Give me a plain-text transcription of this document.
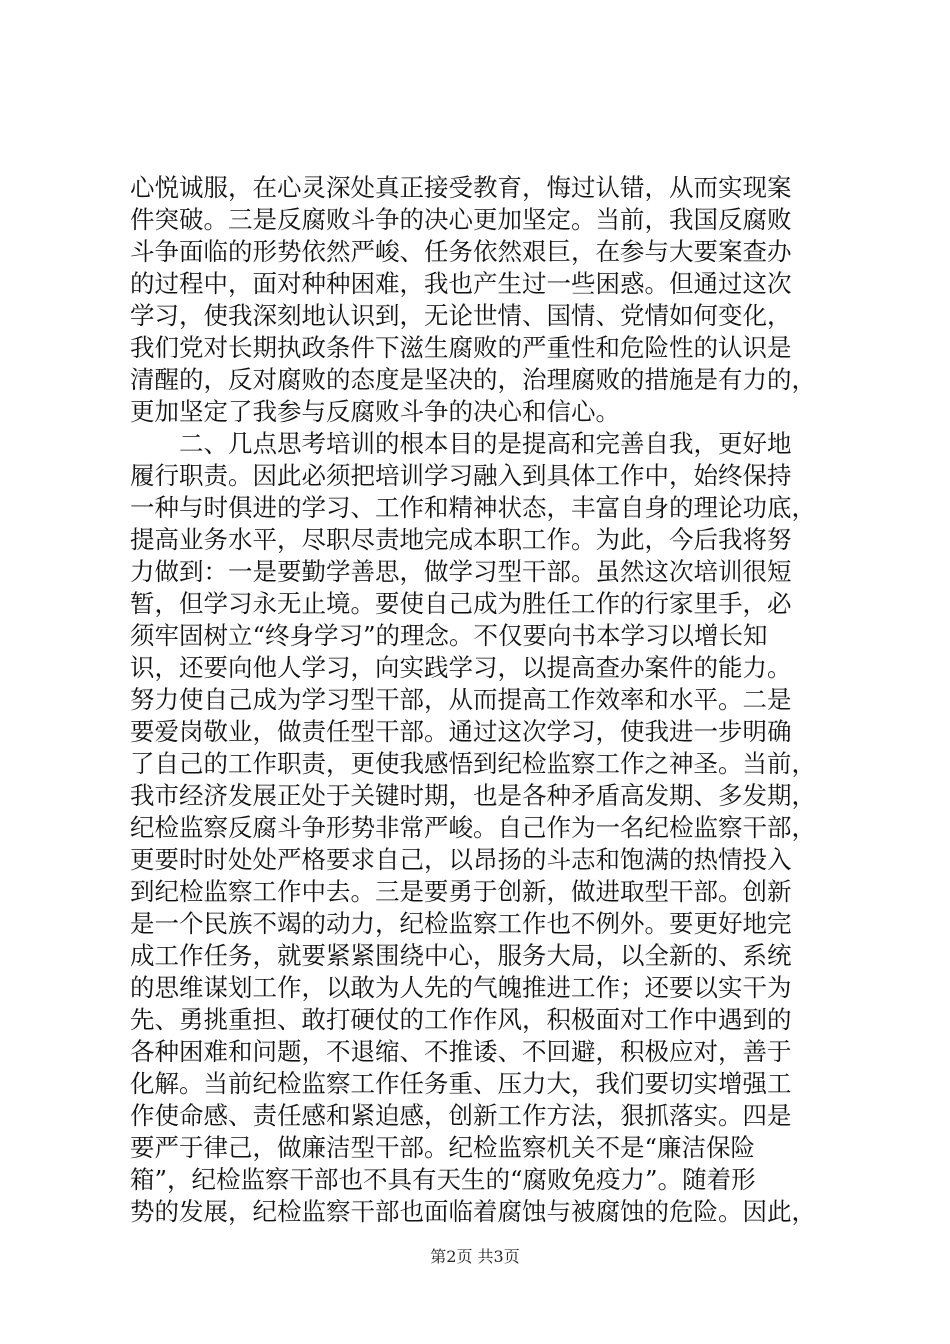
心悦诚服，在心灵深处真正接受教育，悔过认错，从而实现案
件突破。三是反腐败斗争的决心更加坚定。当前，我国反腐败
斗争面临的形势依然严峻、任务依然艰巨，在参与大要案查办
的过程中，面对种种困难，我也产生过一些困惑。但通过这次
学习，使我深刻地认识到，无论世情、国情、党情如何变化，
我们党对长期执政条件下滋生腐败的严重性和危险性的认识是
清醒的，反对腐败的态度是坚决的，治理腐败的措施是有力的，
更加坚定了我参与反腐败斗争的决心和信心。
　　二、几点思考培训的根本目的是提高和完善自我，更好地
履行职责。因此必须把培训学习融入到具体工作中，始终保持
一种与时俱进的学习、工作和精神状态，丰富自身的理论功底，
提高业务水平，尽职尽责地完成本职工作。为此，今后我将努
力做到：一是要勤学善思，做学习型干部。虽然这次培训很短
暂，但学习永无止境。要使自己成为胜任工作的行家里手，必
须牢固树立“终身学习”的理念。不仅要向书本学习以增长知
识，还要向他人学习，向实践学习，以提高查办案件的能力。
努力使自己成为学习型干部，从而提高工作效率和水平。二是
要爱岗敬业，做责任型干部。通过这次学习，使我进一步明确
了自己的工作职责，更使我感悟到纪检监察工作之神圣。当前，
我市经济发展正处于关键时期，也是各种矛盾高发期、多发期，
纪检监察反腐斗争形势非常严峻。自己作为一名纪检监察干部，
更要时时处处严格要求自己，以昂扬的斗志和饱满的热情投入
到纪检监察工作中去。三是要勇于创新，做进取型干部。创新
是一个民族不竭的动力，纪检监察工作也不例外。要更好地完
成工作任务，就要紧紧围绕中心，服务大局，以全新的、系统
的思维谋划工作，以敢为人先的气魄推进工作；还要以实干为
先、勇挑重担、敢打硬仗的工作作风，积极面对工作中遇到的
各种困难和问题，不退缩、不推诿、不回避，积极应对，善于
化解。当前纪检监察工作任务重、压力大，我们要切实增强工
作使命感、责任感和紧迫感，创新工作方法，狠抓落实。四是
要严于律己，做廉洁型干部。纪检监察机关不是“廉洁保险
箱”，纪检监察干部也不具有天生的“腐败免疫力”。随着形
势的发展，纪检监察干部也面临着腐蚀与被腐蚀的危险。因此，
第2页 共3页
